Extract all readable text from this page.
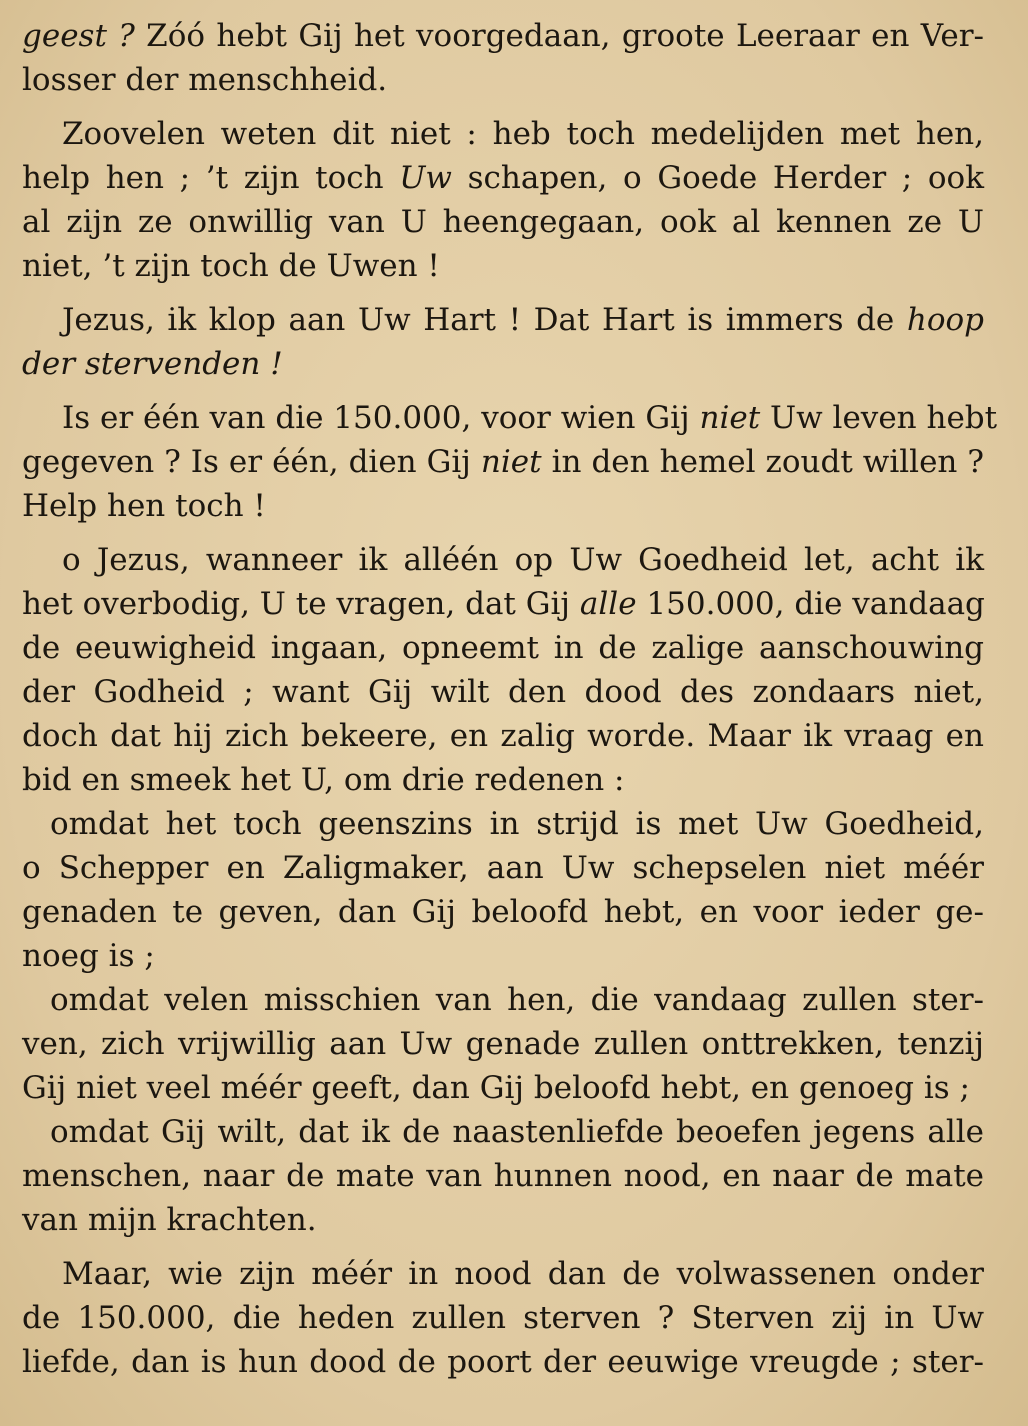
geest ? Zóó hebt Gij het voorgedaan, groote Leeraar en Ver-
losser der menschheid.
Zoovelen weten dit niet : heb toch medelijden met hen,
help hen ; ’t zijn toch Uw schapen, o Goede Herder ; ook
al zijn ze onwillig van U heengegaan, ook al kennen ze U
niet, ’t zijn toch de Uwen !
Jezus, ik klop aan Uw Hart ! Dat Hart is immers de hoop
der stervenden !
Is er één van die 150.000, voor wien Gij niet Uw leven hebt
gegeven ? Is er één, dien Gij niet in den hemel zoudt willen ?
Help hen toch !
o Jezus, wanneer ik alléén op Uw Goedheid let, acht ik
het overbodig, U te vragen, dat Gij alle 150.000, die vandaag
de eeuwigheid ingaan, opneemt in de zalige aanschouwing
der Godheid ; want Gij wilt den dood des zondaars niet,
doch dat hij zich bekeere, en zalig worde. Maar ik vraag en
bid en smeek het U, om drie redenen :
omdat het toch geenszins in strijd is met Uw Goedheid,
o Schepper en Zaligmaker, aan Uw schepselen niet méér
genaden te geven, dan Gij beloofd hebt, en voor ieder ge-
noeg is ;
omdat velen misschien van hen, die vandaag zullen ster-
ven, zich vrijwillig aan Uw genade zullen onttrekken, tenzij
Gij niet veel méér geeft, dan Gij beloofd hebt, en genoeg is ;
omdat Gij wilt, dat ik de naastenliefde beoefen jegens alle
menschen, naar de mate van hunnen nood, en naar de mate
van mijn krachten.
Maar, wie zijn méér in nood dan de volwassenen onder
de 150.000, die heden zullen sterven ? Sterven zij in Uw
liefde, dan is hun dood de poort der eeuwige vreugde ; ster-
